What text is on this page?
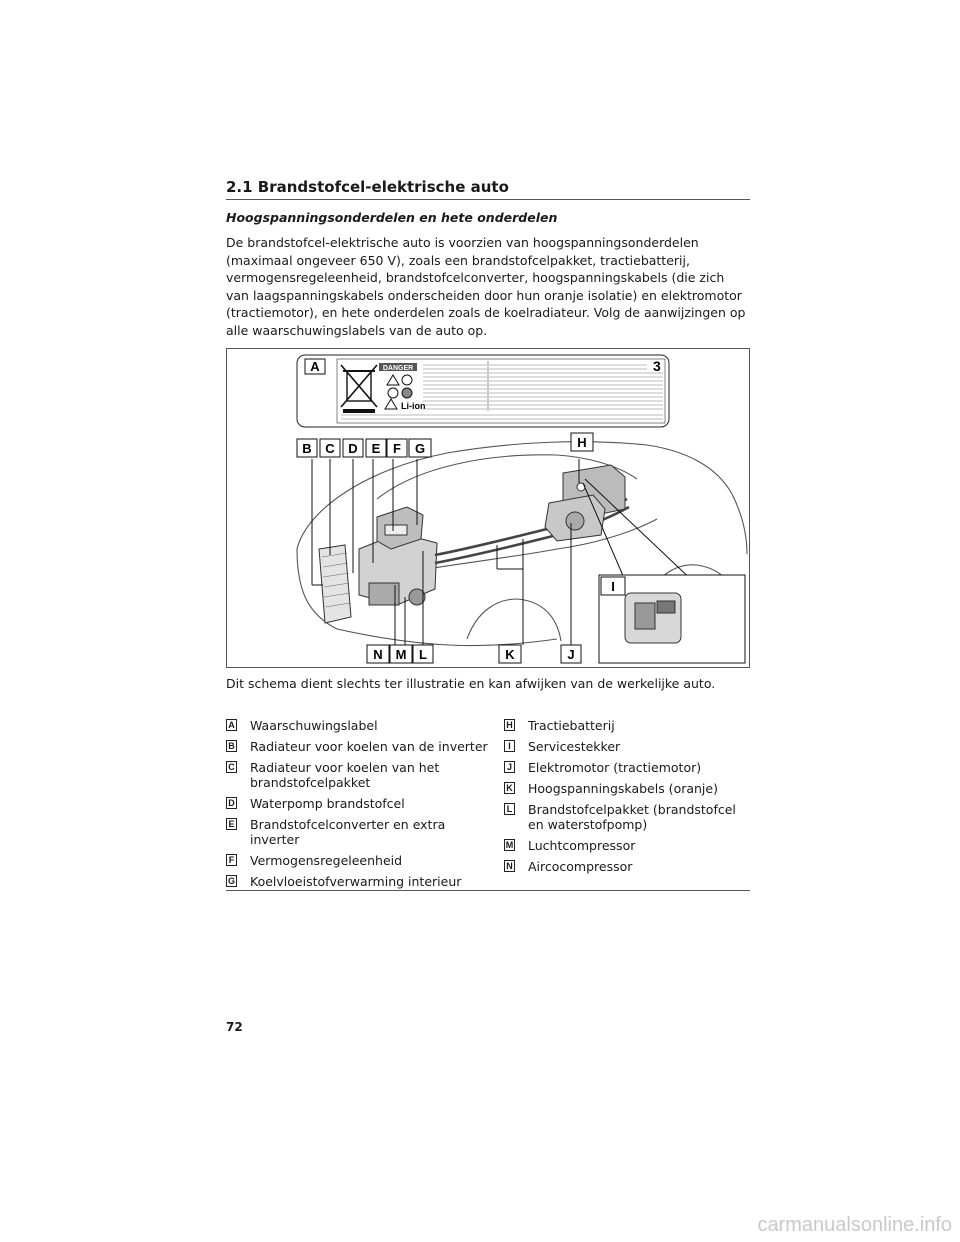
2.1 Brandstofcel-elektrische auto
Hoogspanningsonderdelen en hete onderdelen

De brandstofcel-elektrische auto is voorzien van hoogspanningsonderdelen (maximaal ongeveer 650 V), zoals een brandstofcelpakket, tractiebatterij, vermogensregeleenheid, brandstofcelconverter, hoogspanningskabels (die zich van laagspanningskabels onderscheiden door hun oranje isolatie) en elektromotor (tractiemotor), en hete onderdelen zoals de koelradiateur. Volg de aanwijzingen op alle waarschuwingslabels van de auto op.

DANGER
Li-ion
3
A
B C D E F G	H
I
J
K
L
M
N
Dit schema dient slechts ter illustratie en kan afwijken van de werkelijke auto.
A Waarschuwingslabel
B Radiateur voor koelen van de inverter
C Radiateur voor koelen van het brandstofcelpakket
D Waterpomp brandstofcel
E Brandstofcelconverter en extra inverter
F Vermogensregeleenheid
G Koelvloeistofverwarming interieur
H Tractiebatterij
I	Servicestekker
J Elektromotor (tractiemotor)
K Hoogspanningskabels (oranje)
L Brandstofcelpakket (brandstofcel en waterstofpomp)
M Luchtcompressor
N Aircocompressor
72
carmanualsonline.info
